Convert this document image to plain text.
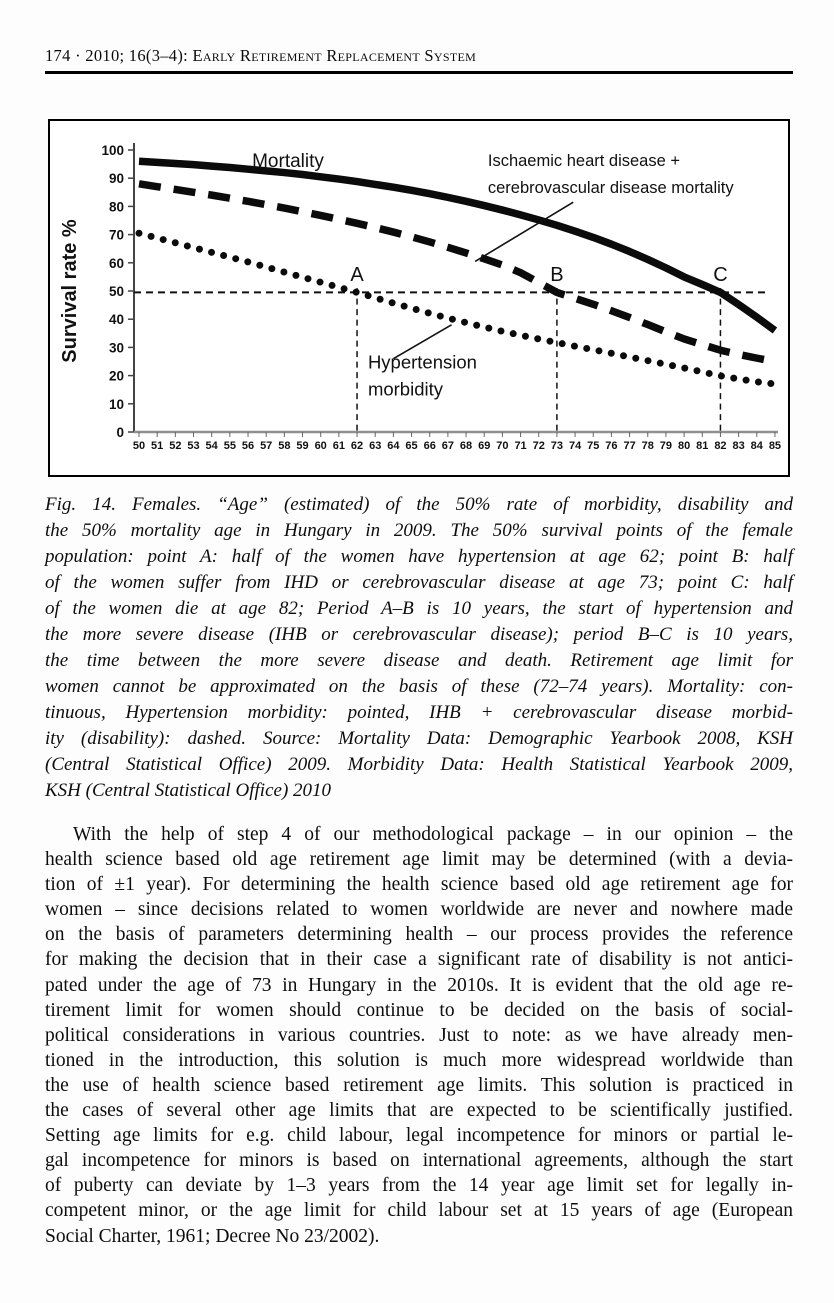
174 · 2010; 16(3–4): Early Retirement Replacement System
0
10
20
30
40
50
60
70
80
90
100
50 51 52 53 54 55 56 57 58 59 60 61 62 63 64 65 66 67 68 69 70 71 72 73 74 75 76 77 78 79 80 81 82 83 84 85
Survival rate %	A	B	C
Mortality	Ischaemic heart disease +
cerebrovascular disease mortality
Hypertension
morbidity
Fig. 14. Females. “Age” (estimated) of the 50% rate of morbidity, disability and
the 50% mortality age in Hungary in 2009. The 50% survival points of the female
population: point A: half of the women have hypertension at age 62; point B: half
of the women suffer from IHD or cerebrovascular disease at age 73; point C: half
of the women die at age 82; Period A–B is 10 years, the start of hypertension and
the more severe disease (IHB or cerebrovascular disease); period B–C is 10 years,
the time between the more severe disease and death. Retirement age limit for
women cannot be approximated on the basis of these (72–74 years). Mortality: con-
tinuous, Hypertension morbidity: pointed, IHB + cerebrovascular disease morbid-
ity (disability): dashed. Source: Mortality Data: Demographic Yearbook 2008, KSH
(Central Statistical Office) 2009. Morbidity Data: Health Statistical Yearbook 2009,
KSH (Central Statistical Office) 2010
With the help of step 4 of our methodological package – in our opinion – the
health science based old age retirement age limit may be determined (with a devia-
tion of ±1 year). For determining the health science based old age retirement age for
women – since decisions related to women worldwide are never and nowhere made
on the basis of parameters determining health – our process provides the reference
for making the decision that in their case a significant rate of disability is not antici-
pated under the age of 73 in Hungary in the 2010s. It is evident that the old age re-
tirement limit for women should continue to be decided on the basis of social-
political considerations in various countries. Just to note: as we have already men-
tioned in the introduction, this solution is much more widespread worldwide than
the use of health science based retirement age limits. This solution is practiced in
the cases of several other age limits that are expected to be scientifically justified.
Setting age limits for e.g. child labour, legal incompetence for minors or partial le-
gal incompetence for minors is based on international agreements, although the start
of puberty can deviate by 1–3 years from the 14 year age limit set for legally in-
competent minor, or the age limit for child labour set at 15 years of age (European
Social Charter, 1961; Decree No 23/2002).
